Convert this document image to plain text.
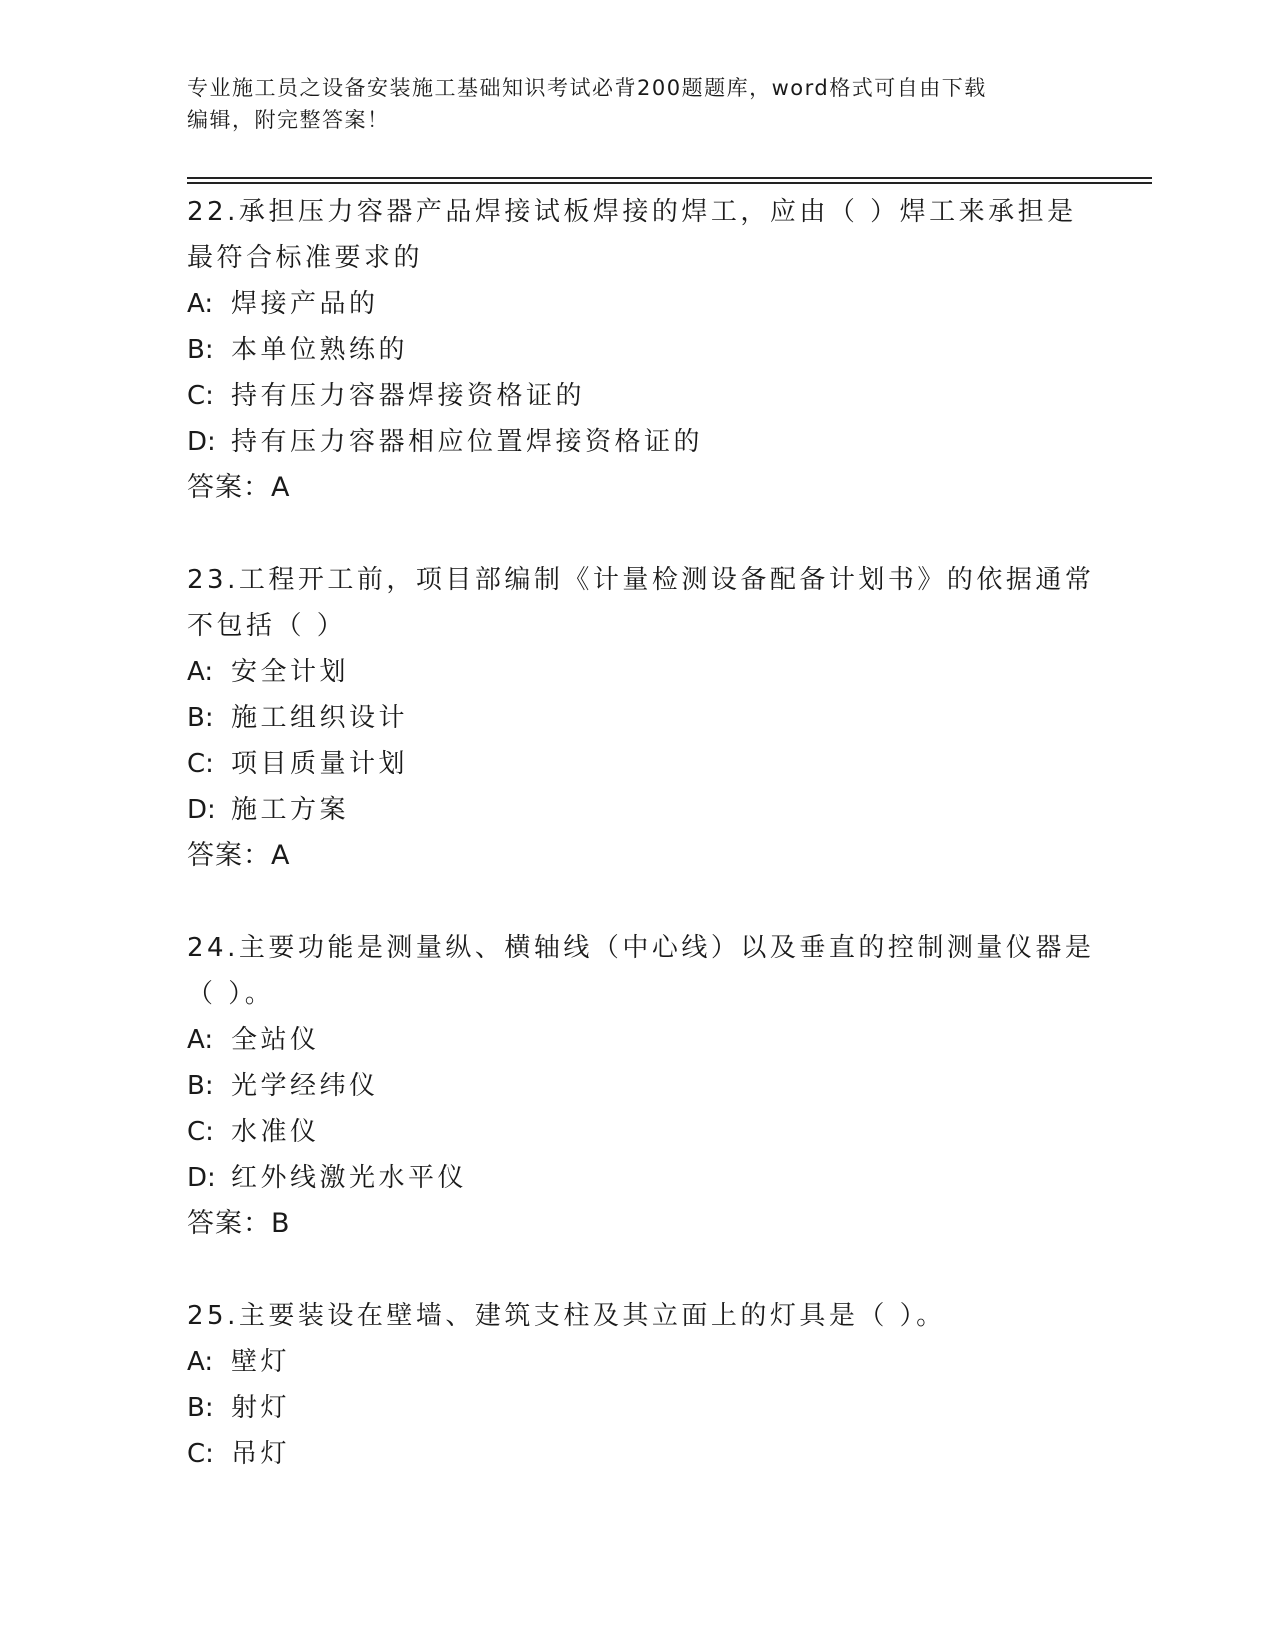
专业施工员之设备安装施工基础知识考试必背200题题库，word格式可自由下载
编辑，附完整答案！
22.承担压力容器产品焊接试板焊接的焊工，应由（ ）焊工来承担是
最符合标准要求的
A: 焊接产品的
B: 本单位熟练的
C: 持有压力容器焊接资格证的
D: 持有压力容器相应位置焊接资格证的
答案：A
23.工程开工前，项目部编制《计量检测设备配备计划书》的依据通常
不包括（ ）
A: 安全计划
B: 施工组织设计
C: 项目质量计划
D: 施工方案
答案：A
24.主要功能是测量纵、横轴线（中心线）以及垂直的控制测量仪器是
（ ）。
A: 全站仪
B: 光学经纬仪
C: 水准仪
D: 红外线激光水平仪
答案：B
25.主要装设在壁墙、建筑支柱及其立面上的灯具是（ ）。
A: 壁灯
B: 射灯
C: 吊灯
